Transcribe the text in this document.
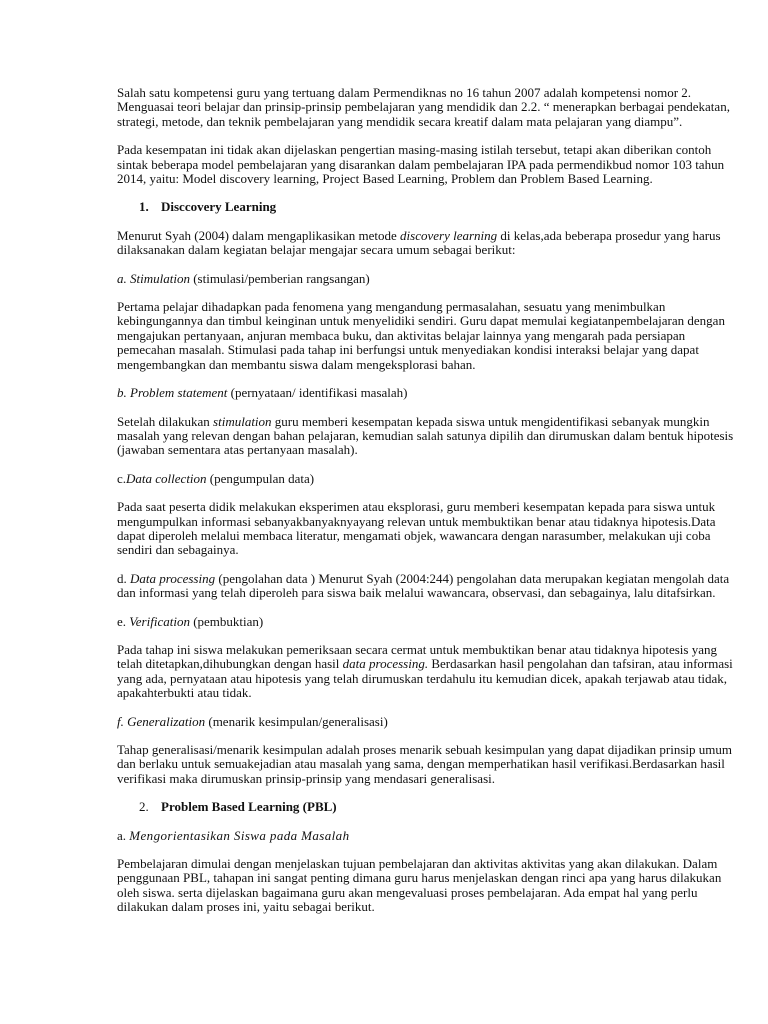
Salah satu kompetensi guru yang tertuang dalam Permendiknas no 16 tahun 2007 adalah kompetensi nomor 2. Menguasai teori belajar dan prinsip-prinsip pembelajaran yang mendidik dan 2.2. “ menerapkan berbagai pendekatan, strategi, metode, dan teknik pembelajaran yang mendidik secara kreatif dalam mata pelajaran yang diampu”.

Pada kesempatan ini tidak akan dijelaskan pengertian masing-masing istilah tersebut, tetapi akan diberikan contoh sintak beberapa model pembelajaran yang disarankan dalam pembelajaran IPA pada permendikbud nomor 103 tahun 2014, yaitu: Model discovery learning, Project Based Learning, Problem dan Problem Based Learning.

1. Disccovery Learning

Menurut Syah (2004) dalam mengaplikasikan metode discovery learning di kelas,ada beberapa prosedur yang harus dilaksanakan dalam kegiatan belajar mengajar secara umum sebagai berikut:

a. Stimulation (stimulasi/pemberian rangsangan)

Pertama pelajar dihadapkan pada fenomena yang mengandung permasalahan, sesuatu yang menimbulkan kebingungannya dan timbul keinginan untuk menyelidiki sendiri. Guru dapat memulai kegiatanpembelajaran dengan mengajukan pertanyaan, anjuran membaca buku, dan aktivitas belajar lainnya yang mengarah pada persiapan pemecahan masalah. Stimulasi pada tahap ini berfungsi untuk menyediakan kondisi interaksi belajar yang dapat mengembangkan dan membantu siswa dalam mengeksplorasi bahan.

b. Problem statement (pernyataan/ identifikasi masalah)

Setelah dilakukan stimulation guru memberi kesempatan kepada siswa untuk mengidentifikasi sebanyak mungkin masalah yang relevan dengan bahan pelajaran, kemudian salah satunya dipilih dan dirumuskan dalam bentuk hipotesis (jawaban sementara atas pertanyaan masalah).

c.Data collection (pengumpulan data)

Pada saat peserta didik melakukan eksperimen atau eksplorasi, guru memberi kesempatan kepada para siswa untuk mengumpulkan informasi sebanyakbanyaknyayang relevan untuk membuktikan benar atau tidaknya hipotesis.Data dapat diperoleh melalui membaca literatur, mengamati objek, wawancara dengan narasumber, melakukan uji coba sendiri dan sebagainya.

d. Data processing (pengolahan data ) Menurut Syah (2004:244) pengolahan data merupakan kegiatan mengolah data dan informasi yang telah diperoleh para siswa baik melalui wawancara, observasi, dan sebagainya, lalu ditafsirkan.

e. Verification (pembuktian)

Pada tahap ini siswa melakukan pemeriksaan secara cermat untuk membuktikan benar atau tidaknya hipotesis yang telah ditetapkan,dihubungkan dengan hasil data processing. Berdasarkan hasil pengolahan dan tafsiran, atau informasi yang ada, pernyataan atau hipotesis yang telah dirumuskan terdahulu itu kemudian dicek, apakah terjawab atau tidak, apakahterbukti atau tidak.

f. Generalization (menarik kesimpulan/generalisasi)

Tahap generalisasi/menarik kesimpulan adalah proses menarik sebuah kesimpulan yang dapat dijadikan prinsip umum dan berlaku untuk semuakejadian atau masalah yang sama, dengan memperhatikan hasil verifikasi.Berdasarkan hasil verifikasi maka dirumuskan prinsip-prinsip yang mendasari generalisasi.

2. Problem Based Learning (PBL)

a. Mengorientasikan Siswa pada Masalah

Pembelajaran dimulai dengan menjelaskan tujuan pembelajaran dan aktivitas aktivitas yang akan dilakukan. Dalam penggunaan PBL, tahapan ini sangat penting dimana guru harus menjelaskan dengan rinci apa yang harus dilakukan oleh siswa. serta dijelaskan bagaimana guru akan mengevaluasi proses pembelajaran. Ada empat hal yang perlu dilakukan dalam proses ini, yaitu sebagai berikut.
